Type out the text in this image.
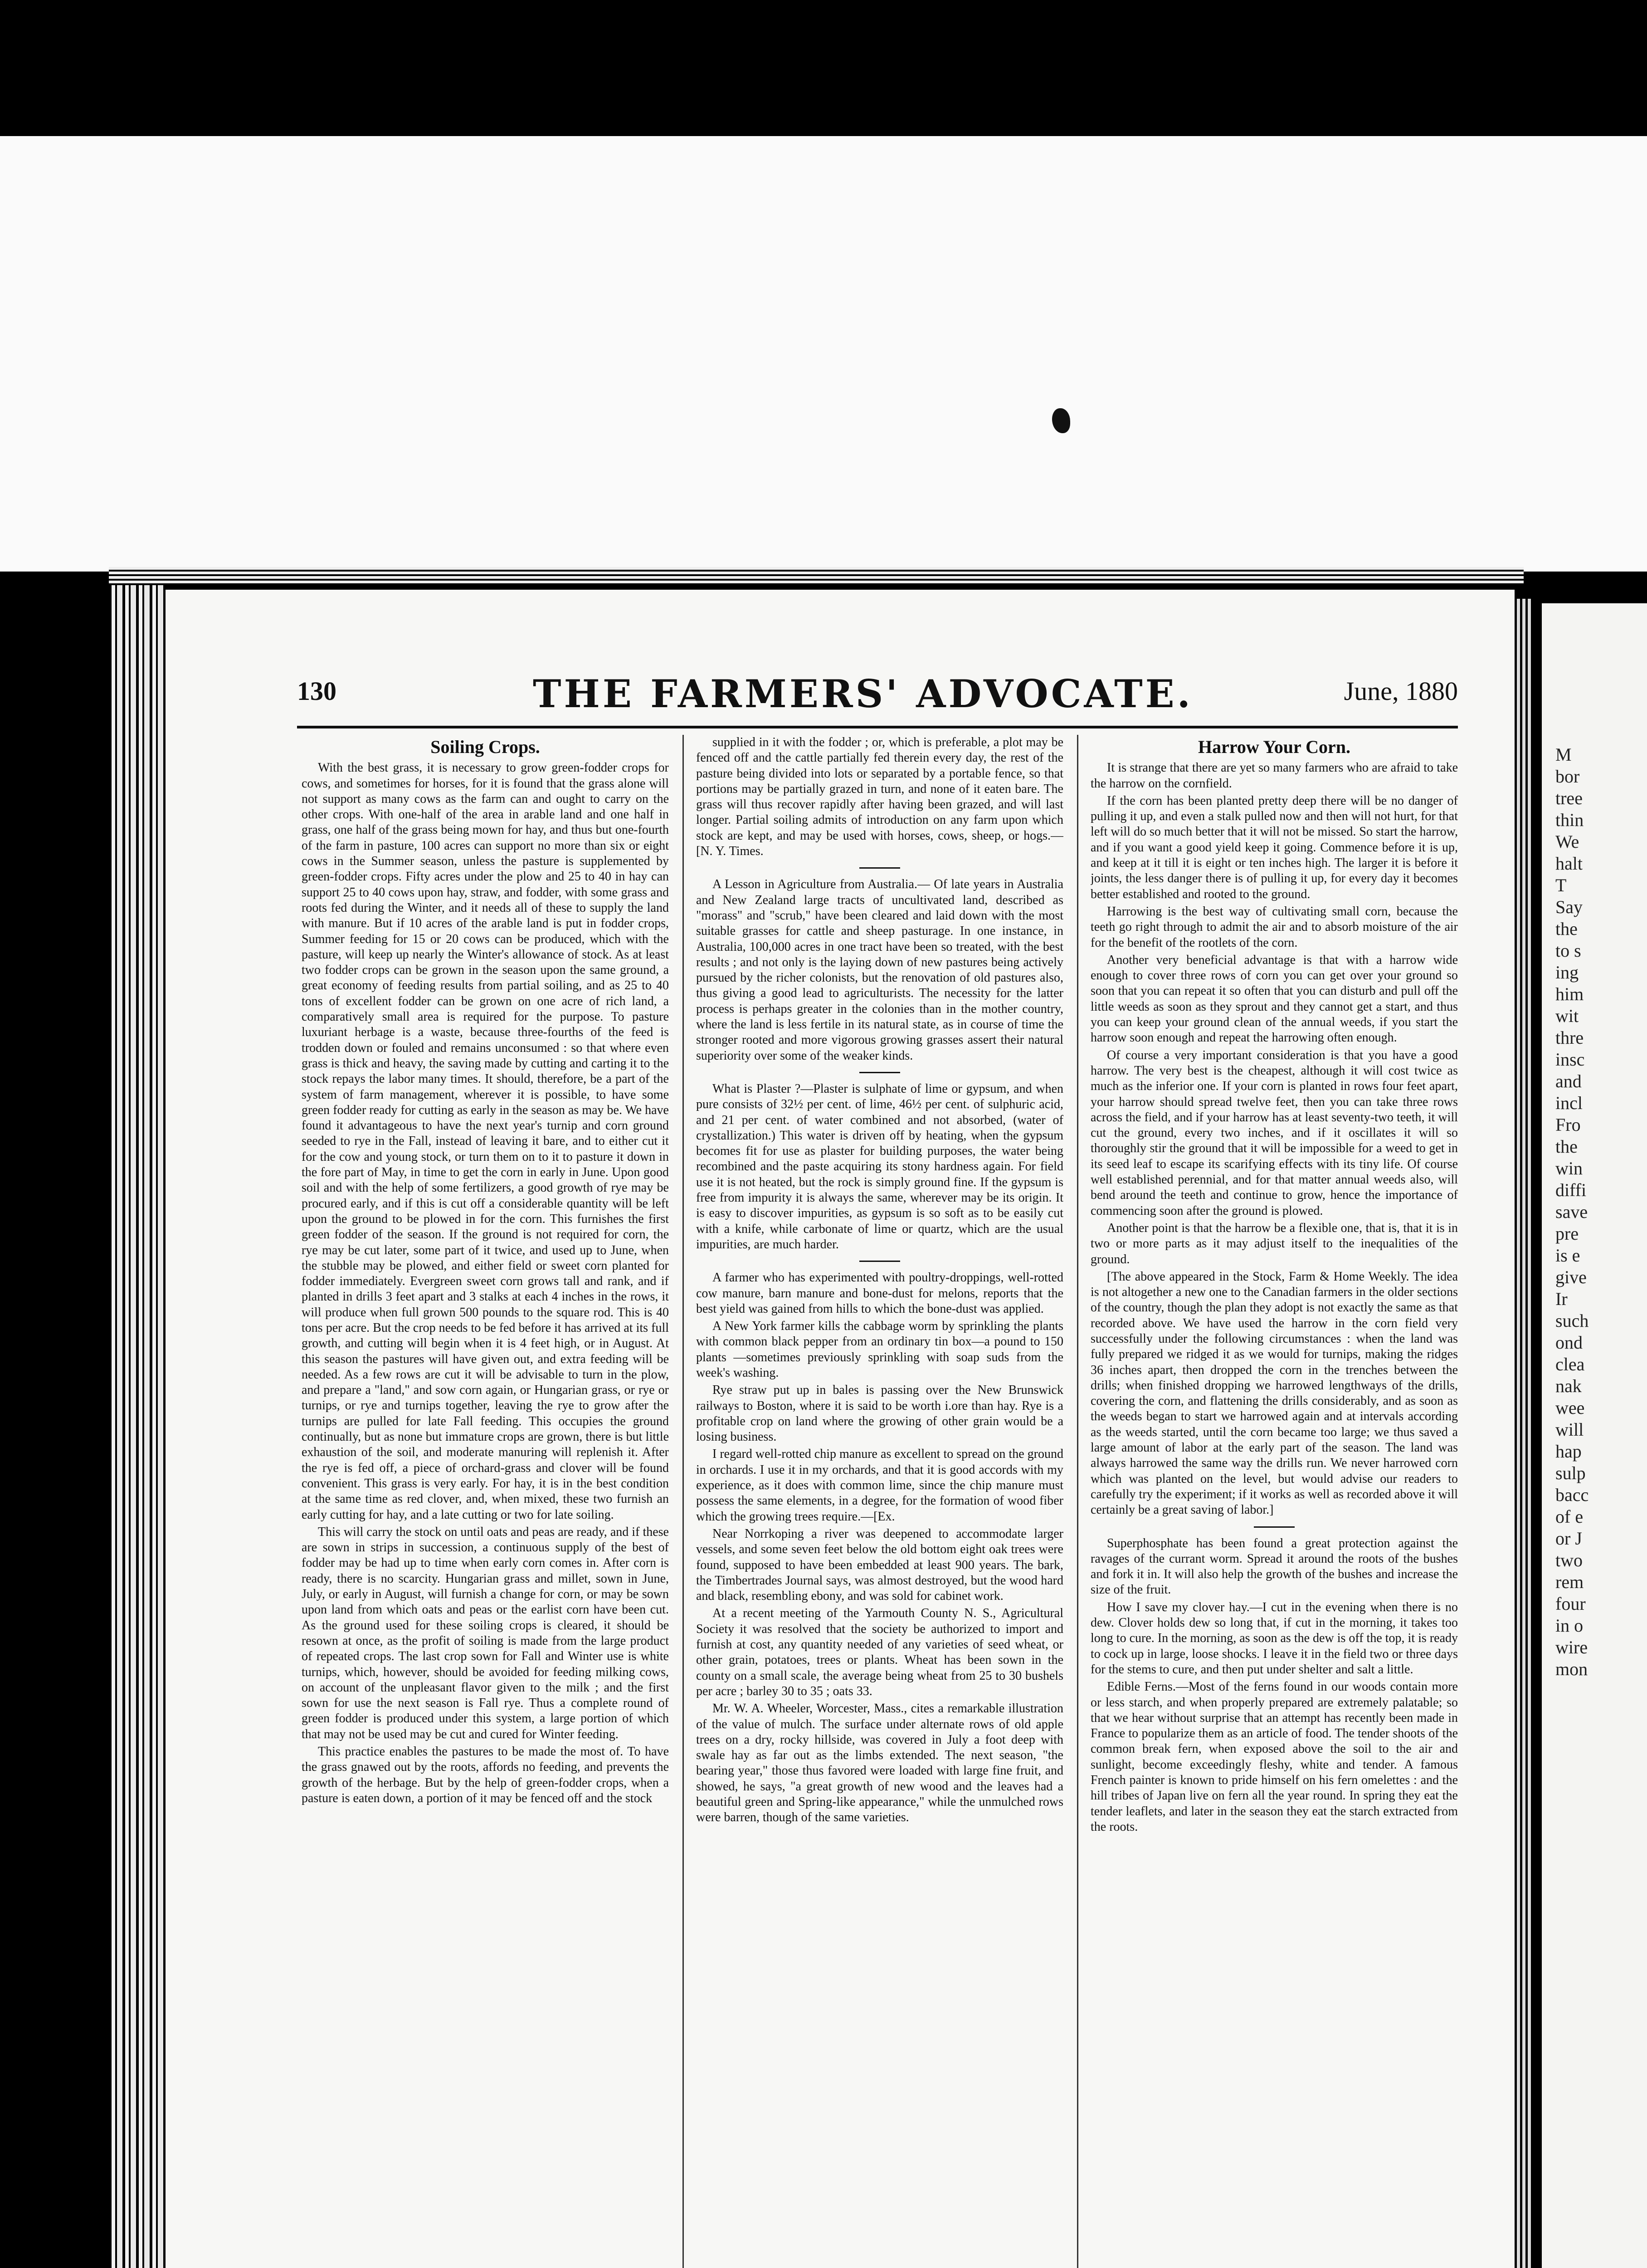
130	THE FARMERS' ADVOCATE.	June, 1880
Soiling Crops.

With the best grass, it is necessary to grow green-fodder crops for cows, and sometimes for horses, for it is found that the grass alone will not support as many cows as the farm can and ought to carry on the other crops. With one-half of the area in arable land and one half in grass, one half of the grass being mown for hay, and thus but one-fourth of the farm in pasture, 100 acres can support no more than six or eight cows in the Summer season, unless the pasture is supplemented by green-fodder crops. Fifty acres under the plow and 25 to 40 in hay can support 25 to 40 cows upon hay, straw, and fodder, with some grass and roots fed during the Winter, and it needs all of these to supply the land with manure. But if 10 acres of the arable land is put in fodder crops, Summer feeding for 15 or 20 cows can be produced, which with the pasture, will keep up nearly the Winter's allowance of stock. As at least two fodder crops can be grown in the season upon the same ground, a great economy of feeding results from partial soiling, and as 25 to 40 tons of excellent fodder can be grown on one acre of rich land, a comparatively small area is required for the purpose. To pasture luxuriant herbage is a waste, because three-fourths of the feed is trodden down or fouled and remains unconsumed : so that where even grass is thick and heavy, the saving made by cutting and carting it to the stock repays the labor many times. It should, therefore, be a part of the system of farm management, wherever it is possible, to have some green fodder ready for cutting as early in the season as may be. We have found it advantageous to have the next year's turnip and corn ground seeded to rye in the Fall, instead of leaving it bare, and to either cut it for the cow and young stock, or turn them on to it to pasture it down in the fore part of May, in time to get the corn in early in June. Upon good soil and with the help of some fertilizers, a good growth of rye may be procured early, and if this is cut off a considerable quantity will be left upon the ground to be plowed in for the corn. This furnishes the first green fodder of the season. If the ground is not required for corn, the rye may be cut later, some part of it twice, and used up to June, when the stubble may be plowed, and either field or sweet corn planted for fodder immediately. Evergreen sweet corn grows tall and rank, and if planted in drills 3 feet apart and 3 stalks at each 4 inches in the rows, it will produce when full grown 500 pounds to the square rod. This is 40 tons per acre. But the crop needs to be fed before it has arrived at its full growth, and cutting will begin when it is 4 feet high, or in August. At this season the pastures will have given out, and extra feeding will be needed. As a few rows are cut it will be advisable to turn in the plow, and prepare a "land," and sow corn again, or Hungarian grass, or rye or turnips, or rye and turnips together, leaving the rye to grow after the turnips are pulled for late Fall feeding. This occupies the ground continually, but as none but immature crops are grown, there is but little exhaustion of the soil, and moderate manuring will replenish it. After the rye is fed off, a piece of orchard-grass and clover will be found convenient. This grass is very early. For hay, it is in the best condition at the same time as red clover, and, when mixed, these two furnish an early cutting for hay, and a late cutting or two for late soiling.

This will carry the stock on until oats and peas are ready, and if these are sown in strips in succession, a continuous supply of the best of fodder may be had up to time when early corn comes in. After corn is ready, there is no scarcity. Hungarian grass and millet, sown in June, July, or early in August, will furnish a change for corn, or may be sown upon land from which oats and peas or the earlist corn have been cut. As the ground used for these soiling crops is cleared, it should be resown at once, as the profit of soiling is made from the large product of repeated crops. The last crop sown for Fall and Winter use is white turnips, which, however, should be avoided for feeding milking cows, on account of the unpleasant flavor given to the milk ; and the first sown for use the next season is Fall rye. Thus a complete round of green fodder is produced under this system, a large portion of which that may not be used may be cut and cured for Winter feeding.

This practice enables the pastures to be made the most of. To have the grass gnawed out by the roots, affords no feeding, and prevents the growth of the herbage. But by the help of green-fodder crops, when a pasture is eaten down, a portion of it may be fenced off and the stock

supplied in it with the fodder ; or, which is preferable, a plot may be fenced off and the cattle partially fed therein every day, the rest of the pasture being divided into lots or separated by a portable fence, so that portions may be partially grazed in turn, and none of it eaten bare. The grass will thus recover rapidly after having been grazed, and will last longer. Partial soiling admits of introduction on any farm upon which stock are kept, and may be used with horses, cows, sheep, or hogs.—[N. Y. Times.

A Lesson in Agriculture from Australia.— Of late years in Australia and New Zealand large tracts of uncultivated land, described as "morass" and "scrub," have been cleared and laid down with the most suitable grasses for cattle and sheep pasturage. In one instance, in Australia, 100,000 acres in one tract have been so treated, with the best results ; and not only is the laying down of new pastures being actively pursued by the richer colonists, but the renovation of old pastures also, thus giving a good lead to agriculturists. The necessity for the latter process is perhaps greater in the colonies than in the mother country, where the land is less fertile in its natural state, as in course of time the stronger rooted and more vigorous growing grasses assert their natural superiority over some of the weaker kinds.

What is Plaster ?—Plaster is sulphate of lime or gypsum, and when pure consists of 32½ per cent. of lime, 46½ per cent. of sulphuric acid, and 21 per cent. of water combined and not absorbed, (water of crystallization.) This water is driven off by heating, when the gypsum becomes fit for use as plaster for building purposes, the water being recombined and the paste acquiring its stony hardness again. For field use it is not heated, but the rock is simply ground fine. If the gypsum is free from impurity it is always the same, wherever may be its origin. It is easy to discover impurities, as gypsum is so soft as to be easily cut with a knife, while carbonate of lime or quartz, which are the usual impurities, are much harder.

A farmer who has experimented with poultry-droppings, well-rotted cow manure, barn manure and bone-dust for melons, reports that the best yield was gained from hills to which the bone-dust was applied.

A New York farmer kills the cabbage worm by sprinkling the plants with common black pepper from an ordinary tin box—a pound to 150 plants —sometimes previously sprinkling with soap suds from the week's washing.

Rye straw put up in bales is passing over the New Brunswick railways to Boston, where it is said to be worth i.ore than hay. Rye is a profitable crop on land where the growing of other grain would be a losing business.

I regard well-rotted chip manure as excellent to spread on the ground in orchards. I use it in my orchards, and that it is good accords with my experience, as it does with common lime, since the chip manure must possess the same elements, in a degree, for the formation of wood fiber which the growing trees require.—[Ex.

Near Norrkoping a river was deepened to accommodate larger vessels, and some seven feet below the old bottom eight oak trees were found, supposed to have been embedded at least 900 years. The bark, the Timbertrades Journal says, was almost destroyed, but the wood hard and black, resembling ebony, and was sold for cabinet work.

At a recent meeting of the Yarmouth County N. S., Agricultural Society it was resolved that the society be authorized to import and furnish at cost, any quantity needed of any varieties of seed wheat, or other grain, potatoes, trees or plants. Wheat has been sown in the county on a small scale, the average being wheat from 25 to 30 bushels per acre ; barley 30 to 35 ; oats 33.

Mr. W. A. Wheeler, Worcester, Mass., cites a remarkable illustration of the value of mulch. The surface under alternate rows of old apple trees on a dry, rocky hillside, was covered in July a foot deep with swale hay as far out as the limbs extended. The next season, "the bearing year," those thus favored were loaded with large fine fruit, and showed, he says, "a great growth of new wood and the leaves had a beautiful green and Spring-like appearance," while the unmulched rows were barren, though of the same varieties.

Harrow Your Corn.

It is strange that there are yet so many farmers who are afraid to take the harrow on the cornfield.

If the corn has been planted pretty deep there will be no danger of pulling it up, and even a stalk pulled now and then will not hurt, for that left will do so much better that it will not be missed. So start the harrow, and if you want a good yield keep it going. Commence before it is up, and keep at it till it is eight or ten inches high. The larger it is before it joints, the less danger there is of pulling it up, for every day it becomes better established and rooted to the ground.

Harrowing is the best way of cultivating small corn, because the teeth go right through to admit the air and to absorb moisture of the air for the benefit of the rootlets of the corn.

Another very beneficial advantage is that with a harrow wide enough to cover three rows of corn you can get over your ground so soon that you can repeat it so often that you can disturb and pull off the little weeds as soon as they sprout and they cannot get a start, and thus you can keep your ground clean of the annual weeds, if you start the harrow soon enough and repeat the harrowing often enough.

Of course a very important consideration is that you have a good harrow. The very best is the cheapest, although it will cost twice as much as the inferior one. If your corn is planted in rows four feet apart, your harrow should spread twelve feet, then you can take three rows across the field, and if your harrow has at least seventy-two teeth, it will cut the ground, every two inches, and if it oscillates it will so thoroughly stir the ground that it will be impossible for a weed to get in its seed leaf to escape its scarifying effects with its tiny life. Of course well established perennial, and for that matter annual weeds also, will bend around the teeth and continue to grow, hence the importance of commencing soon after the ground is plowed.

Another point is that the harrow be a flexible one, that is, that it is in two or more parts as it may adjust itself to the inequalities of the ground.

[The above appeared in the Stock, Farm & Home Weekly. The idea is not altogether a new one to the Canadian farmers in the older sections of the country, though the plan they adopt is not exactly the same as that recorded above. We have used the harrow in the corn field very successfully under the following circumstances : when the land was fully prepared we ridged it as we would for turnips, making the ridges 36 inches apart, then dropped the corn in the trenches between the drills; when finished dropping we harrowed lengthways of the drills, covering the corn, and flattening the drills considerably, and as soon as the weeds began to start we harrowed again and at intervals according as the weeds started, until the corn became too large; we thus saved a large amount of labor at the early part of the season. The land was always harrowed the same way the drills run. We never harrowed corn which was planted on the level, but would advise our readers to carefully try the experiment; if it works as well as recorded above it will certainly be a great saving of labor.]

Superphosphate has been found a great protection against the ravages of the currant worm. Spread it around the roots of the bushes and fork it in. It will also help the growth of the bushes and increase the size of the fruit.

How I save my clover hay.—I cut in the evening when there is no dew. Clover holds dew so long that, if cut in the morning, it takes too long to cure. In the morning, as soon as the dew is off the top, it is ready to cock up in large, loose shocks. I leave it in the field two or three days for the stems to cure, and then put under shelter and salt a little.

Edible Ferns.—Most of the ferns found in our woods contain more or less starch, and when properly prepared are extremely palatable; so that we hear without surprise that an attempt has recently been made in France to popularize them as an article of food. The tender shoots of the common break fern, when exposed above the soil to the air and sunlight, become exceedingly fleshy, white and tender. A famous French painter is known to pride himself on his fern omelettes : and the hill tribes of Japan live on fern all the year round. In spring they eat the tender leaflets, and later in the season they eat the starch extracted from the roots.

M
bor
tree
thin
We
halt
T
Say
the
to s
ing
him
wit
thre
insc
and
incl
Fro
the
win
diffi
save
pre
is e
give
Ir
such
ond
clea
nak
wee
will
hap
sulp
bacc
of e
or J
two
rem
four
in o
wire
mon
